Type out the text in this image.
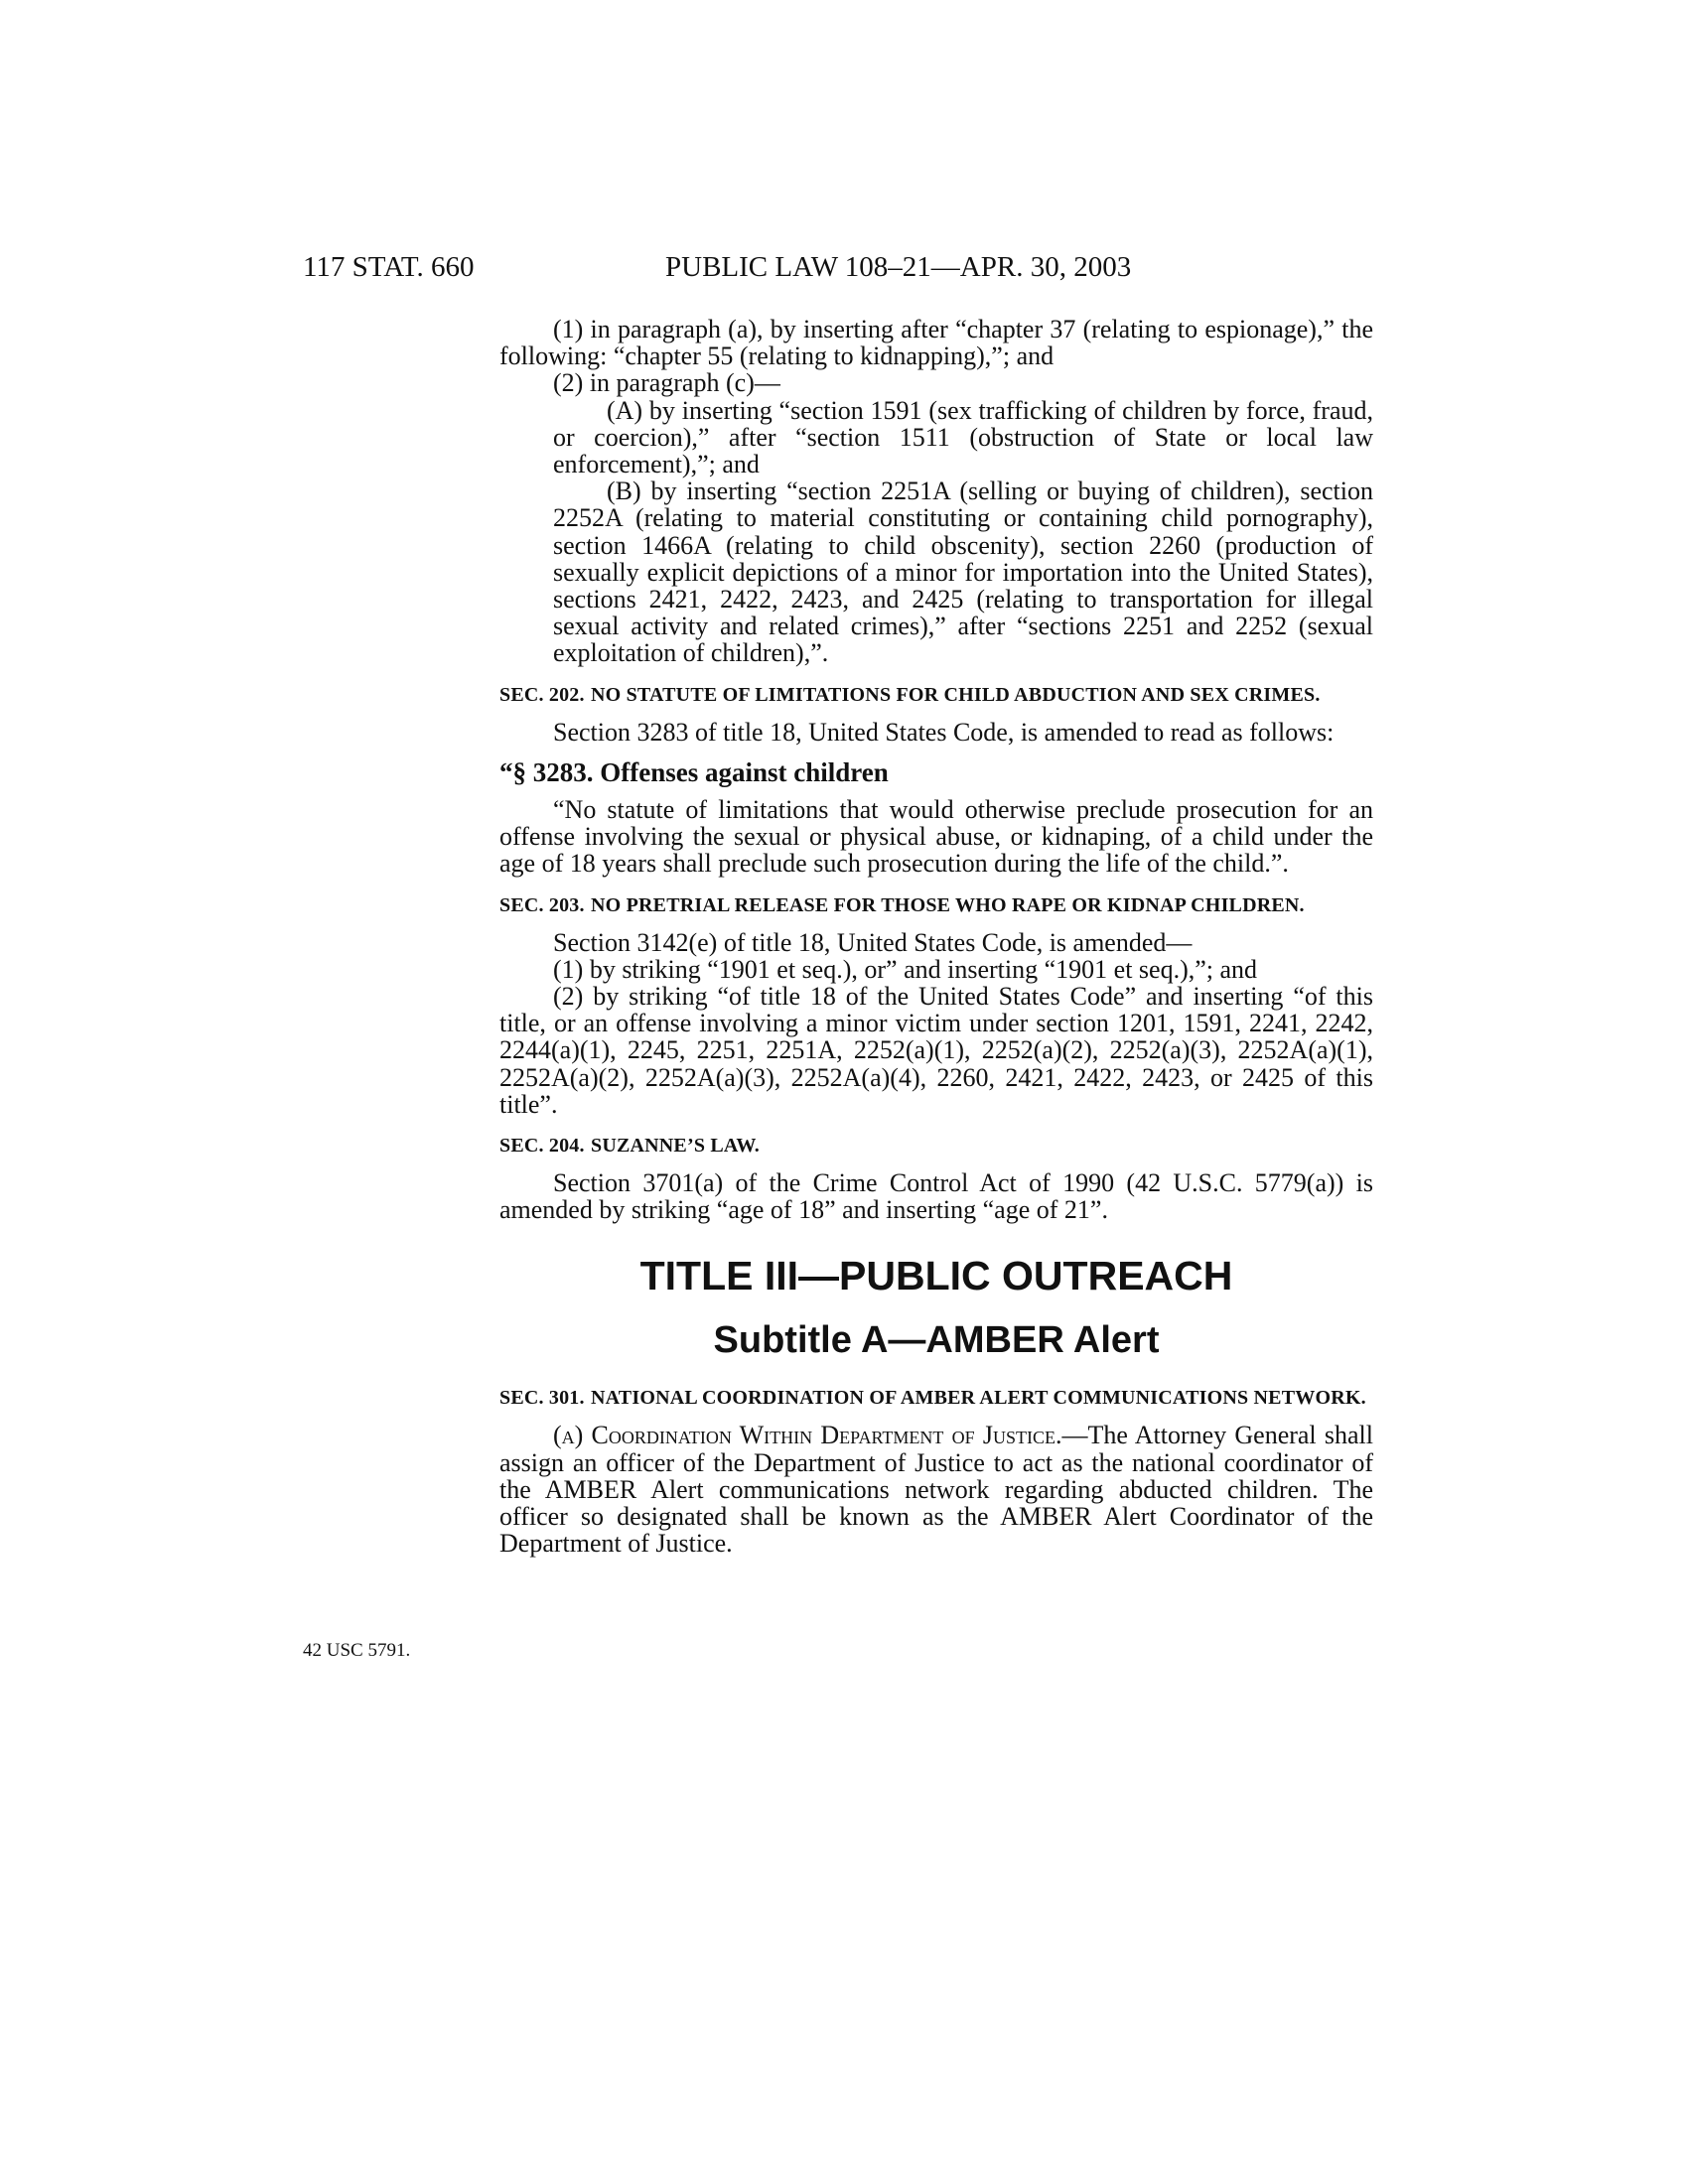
117 STAT. 660	PUBLIC LAW 108–21—APR. 30, 2003
42 USC 5791.

(1) in paragraph (a), by inserting after “chapter 37 (relating to espionage),” the following: “chapter 55 (relating to kidnapping),”; and

(2) in paragraph (c)—

(A) by inserting “section 1591 (sex trafficking of children by force, fraud, or coercion),” after “section 1511 (obstruction of State or local law enforcement),”; and

(B) by inserting “section 2251A (selling or buying of children), section 2252A (relating to material constituting or containing child pornography), section 1466A (relating to child obscenity), section 2260 (production of sexually explicit depictions of a minor for importation into the United States), sections 2421, 2422, 2423, and 2425 (relating to transportation for illegal sexual activity and related crimes),” after “sections 2251 and 2252 (sexual exploitation of children),”.

SEC. 202. NO STATUTE OF LIMITATIONS FOR CHILD ABDUCTION AND SEX CRIMES.

Section 3283 of title 18, United States Code, is amended to read as follows:

“§ 3283. Offenses against children

“No statute of limitations that would otherwise preclude prosecution for an offense involving the sexual or physical abuse, or kidnaping, of a child under the age of 18 years shall preclude such prosecution during the life of the child.”.

SEC. 203. NO PRETRIAL RELEASE FOR THOSE WHO RAPE OR KIDNAP CHILDREN.

Section 3142(e) of title 18, United States Code, is amended—

(1) by striking “1901 et seq.), or” and inserting “1901 et seq.),”; and

(2) by striking “of title 18 of the United States Code” and inserting “of this title, or an offense involving a minor victim under section 1201, 1591, 2241, 2242, 2244(a)(1), 2245, 2251, 2251A, 2252(a)(1), 2252(a)(2), 2252(a)(3), 2252A(a)(1), 2252A(a)(2), 2252A(a)(3), 2252A(a)(4), 2260, 2421, 2422, 2423, or 2425 of this title”.

SEC. 204. SUZANNE’S LAW.

Section 3701(a) of the Crime Control Act of 1990 (42 U.S.C. 5779(a)) is amended by striking “age of 18” and inserting “age of 21”.

TITLE III—PUBLIC OUTREACH
Subtitle A—AMBER Alert
SEC. 301. NATIONAL COORDINATION OF AMBER ALERT COMMUNICATIONS NETWORK.

(a) Coordination Within Department of Justice.—The Attorney General shall assign an officer of the Department of Justice to act as the national coordinator of the AMBER Alert communications network regarding abducted children. The officer so designated shall be known as the AMBER Alert Coordinator of the Department of Justice.
